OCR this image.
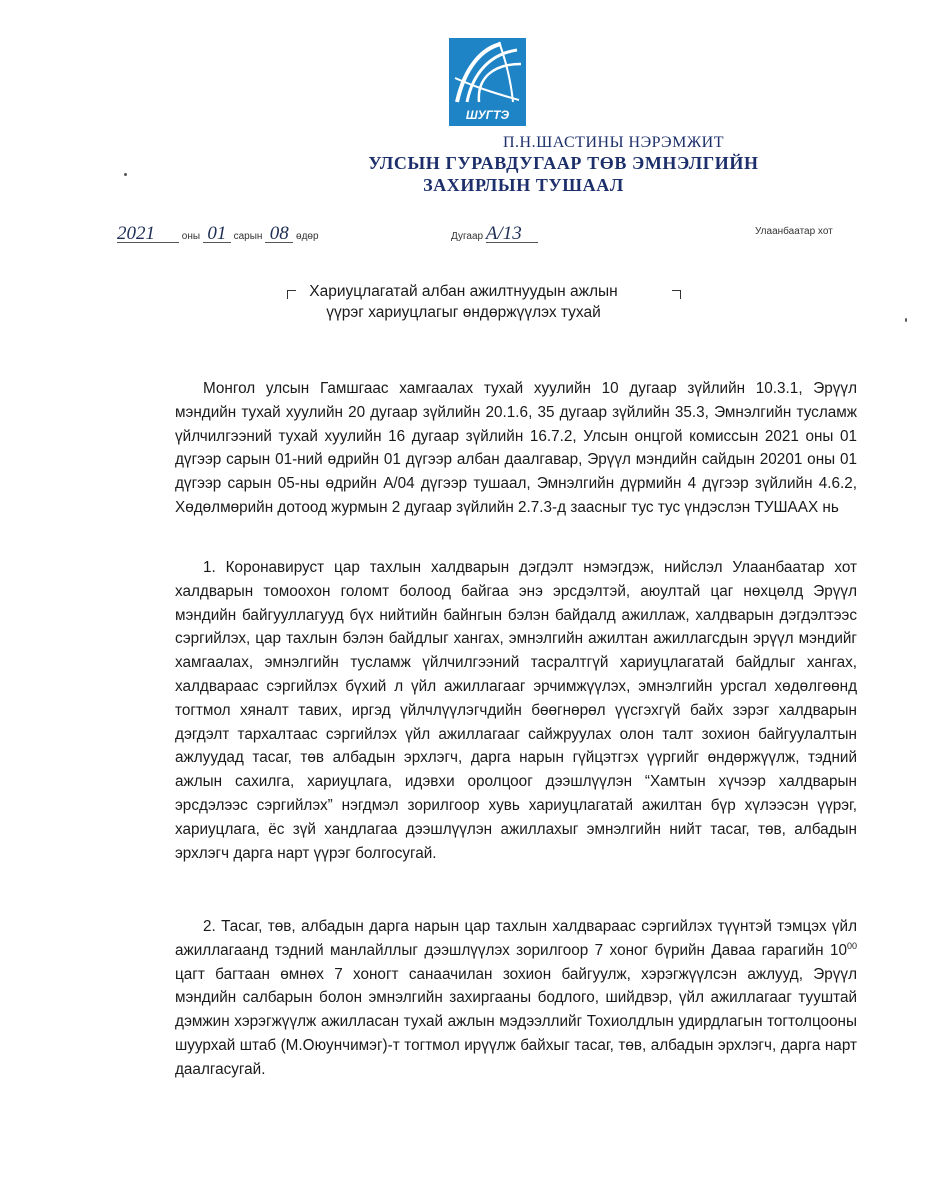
ШУГТЭ
П.Н.ШАСТИНЫ НЭРЭМЖИТ
УЛСЫН ГУРАВДУГААР ТӨВ ЭМНЭЛГИЙН
ЗАХИРЛЫН ТУШААЛ
2021	оны 01 сарын 08 өдөр	Дугаар А/13	Улаанбаатар хот
Хариуцлагатай албан ажилтнуудын ажлын
үүрэг хариуцлагыг өндөржүүлэх тухай
Монгол улсын Гамшгаас хамгаалах тухай хуулийн 10 дугаар зүйлийн 10.3.1, Эрүүл мэндийн тухай хуулийн 20 дугаар зүйлийн 20.1.6, 35 дугаар зүйлийн 35.3, Эмнэлгийн тусламж үйлчилгээний тухай хуулийн 16 дугаар зүйлийн 16.7.2, Улсын онцгой комиссын 2021 оны 01 дүгээр сарын 01-ний өдрийн 01 дүгээр албан даалгавар, Эрүүл мэндийн сайдын 20201 оны 01 дүгээр сарын 05-ны өдрийн А/04 дүгээр тушаал, Эмнэлгийн дүрмийн 4 дүгээр зүйлийн 4.6.2, Хөдөлмөрийн дотоод журмын 2 дугаар зүйлийн 2.7.3-д заасныг тус тус үндэслэн ТУШААХ нь
1. Коронавируст цар тахлын халдварын дэгдэлт нэмэгдэж, нийслэл Улаанбаатар хот халдварын томоохон голомт болоод байгаа энэ эрсдэлтэй, аюултай цаг нөхцөлд Эрүүл мэндийн байгууллагууд бүх нийтийн байнгын бэлэн байдалд ажиллаж, халдварын дэгдэлтээс сэргийлэх, цар тахлын бэлэн байдлыг хангах, эмнэлгийн ажилтан ажиллагсдын эрүүл мэндийг хамгаалах, эмнэлгийн тусламж үйлчилгээний тасралтгүй хариуцлагатай байдлыг хангах, халдвараас сэргийлэх бүхий л үйл ажиллагааг эрчимжүүлэх, эмнэлгийн урсгал хөдөлгөөнд тогтмол хяналт тавих, иргэд үйлчлүүлэгчдийн бөөгнөрөл үүсгэхгүй байх зэрэг халдварын дэгдэлт тархалтаас сэргийлэх үйл ажиллагааг сайжруулах олон талт зохион байгуулалтын ажлуудад тасаг, төв албадын эрхлэгч, дарга нарын гүйцэтгэх үүргийг өндөржүүлж, тэдний ажлын сахилга, хариуцлага, идэвхи оролцоог дээшлүүлэн “Хамтын хүчээр халдварын эрсдэлээс сэргийлэх” нэгдмэл зорилгоор хувь хариуцлагатай ажилтан бүр хүлээсэн үүрэг, хариуцлага, ёс зүй хандлагаа дээшлүүлэн ажиллахыг эмнэлгийн нийт тасаг, төв, албадын эрхлэгч дарга нарт үүрэг болгосугай.
2. Тасаг, төв, албадын дарга нарын цар тахлын халдвараас сэргийлэх түүнтэй тэмцэх үйл ажиллагаанд тэдний манлайллыг дээшлүүлэх зорилгоор 7 хоног бүрийн Даваа гарагийн $10^{00}$ цагт багтаан өмнөх 7 хоногт санаачилан зохион байгуулж, хэрэгжүүлсэн ажлууд, Эрүүл мэндийн салбарын болон эмнэлгийн захиргааны бодлого, шийдвэр, үйл ажиллагааг тууштай дэмжин хэрэгжүүлж ажилласан тухай ажлын мэдээллийг Тохиолдлын удирдлагын тогтолцооны шуурхай штаб (М.Оюунчимэг)-т тогтмол ирүүлж байхыг тасаг, төв, албадын эрхлэгч, дарга нарт даалгасугай.
